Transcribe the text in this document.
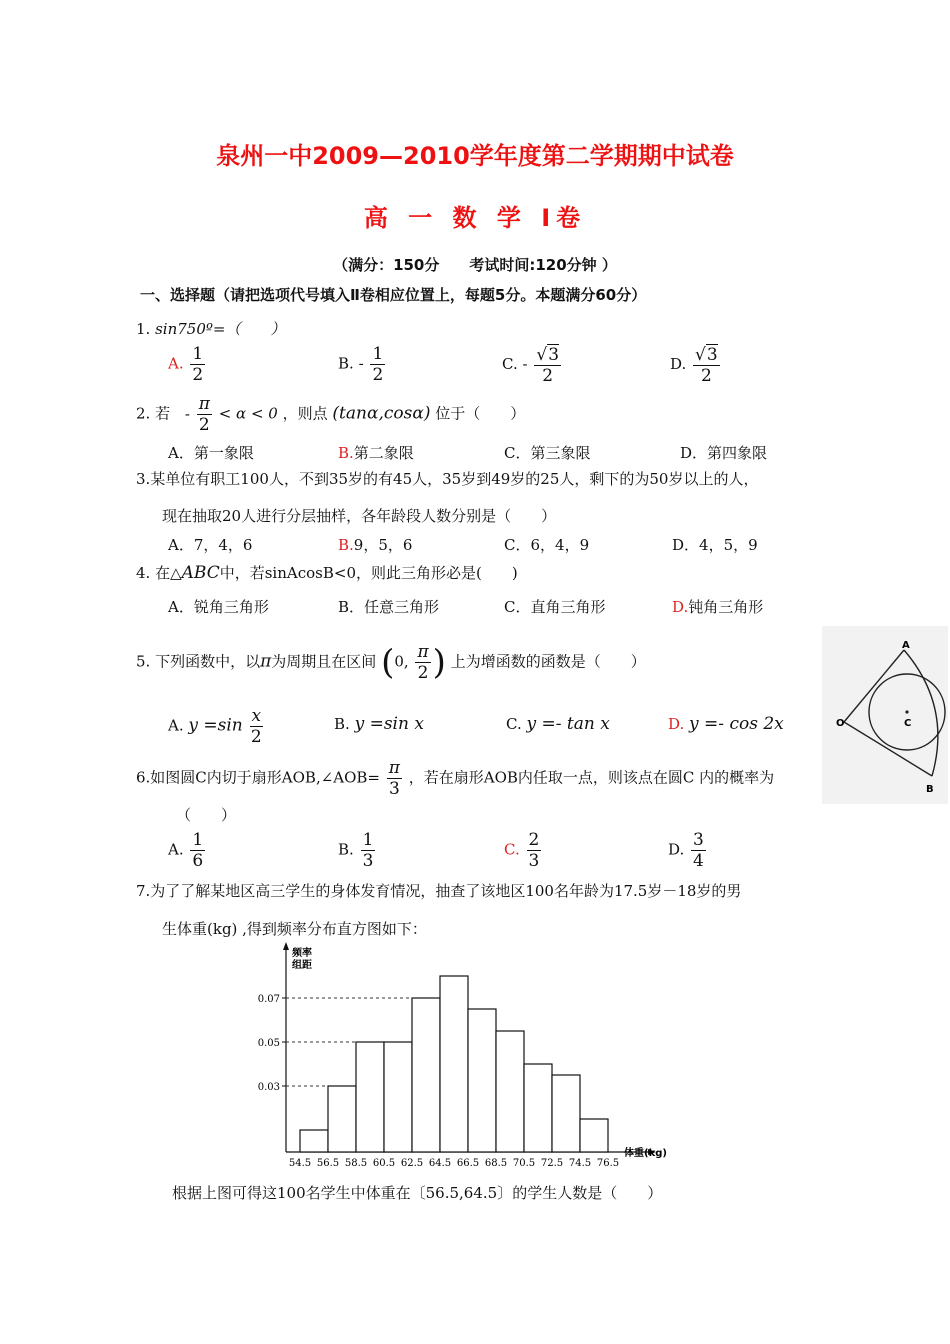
泉州一中2009—2010学年度第二学期期中试卷
高 一 数 学 Ⅰ卷
（满分：150分　　考试时间:120分钟 ）
一、选择题（请把选项代号填入Ⅱ卷相应位置上，每题5分。本题满分60分）
1. sin750º=（　　）
A. $\frac{1}{2}$	B. - $\frac{1}{2}$	C. - $\frac{√3}{2}$	D. $\frac{√3}{2}$
2. 若 - $\frac{\pi}{2} < \alpha < 0$ ，则点 (tanα,cosα) 位于（　　）
A．第一象限	B.第二象限	C．第三象限	D．第四象限
3.某单位有职工100人，不到35岁的有45人，35岁到49岁的25人，剩下的为50岁以上的人，
现在抽取20人进行分层抽样，各年龄段人数分别是（　　）
A．7，4，6	B.9，5，6	C．6，4，9	D．4，5，9
4. 在△ABC中，若sinAcosB<0，则此三角形必是(　　)
A．锐角三角形	B．任意三角形	C．直角三角形	D.钝角三角形
5. 下列函数中，以π为周期且在区间 (0, $\frac{\pi}{2}$ ) 上为增函数的函数是（　　）
A. $y =\sin \frac{x}{2}$	B. y =sin x	C. y =- tan x	D. y =- cos 2x
A
O	C
B
6.如图圆C内切于扇形AOB,∠AOB= $\frac{\pi}{3}$ ，若在扇形AOB内任取一点，则该点在圆C 内的概率为
（　　）
A. $\frac{1}{6}$	B. $\frac{1}{3}$	C. $\frac{2}{3}$	D. $\frac{3}{4}$
7.为了了解某地区高三学生的身体发育情况，抽查了该地区100名年龄为17.5岁－18岁的男
生体重(kg) ,得到频率分布直方图如下：
频率
组距
体重(kg)
0.03
0.05
0.07
54.5 56.5 58.5 60.5 62.5 64.5 66.5 68.5 70.5 72.5 74.5 76.5
根据上图可得这100名学生中体重在〔56.5,64.5〕的学生人数是（　　）
